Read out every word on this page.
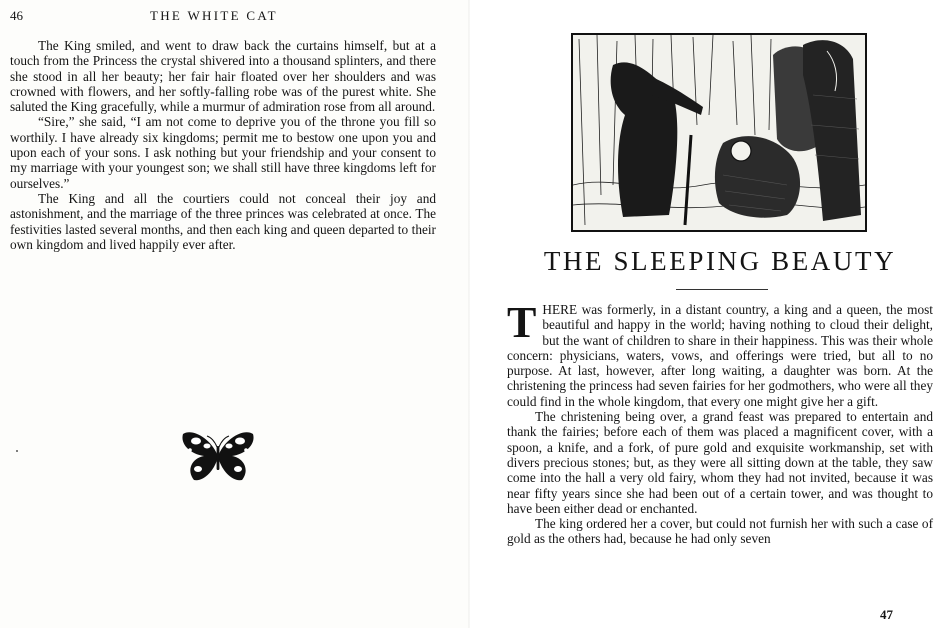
46	THE WHITE CAT

The King smiled, and went to draw back the curtains himself, but at a touch from the Princess the crystal shivered into a thousand splinters, and there she stood in all her beauty; her fair hair floated over her shoulders and was crowned with flowers, and her softly-falling robe was of the purest white. She saluted the King gracefully, while a murmur of admiration rose from all around.

“Sire,” she said, “I am not come to deprive you of the throne you fill so worthily. I have already six kingdoms; permit me to bestow one upon you and upon each of your sons. I ask nothing but your friendship and your consent to my marriage with your youngest son; we shall still have three kingdoms left for ourselves.”

The King and all the courtiers could not conceal their joy and astonishment, and the marriage of the three princes was celebrated at once. The festivities lasted several months, and then each king and queen departed to their own kingdom and lived happily ever after.

THE SLEEPING BEAUTY

THERE was formerly, in a distant country, a king and a queen, the most beautiful and happy in the world; having nothing to cloud their delight, but the want of children to share in their happiness. This was their whole concern: physicians, waters, vows, and offerings were tried, but all to no purpose. At last, however, after long waiting, a daughter was born. At the christening the princess had seven fairies for her godmothers, who were all they could find in the whole kingdom, that every one might give her a gift.

The christening being over, a grand feast was prepared to entertain and thank the fairies; before each of them was placed a magnificent cover, with a spoon, a knife, and a fork, of pure gold and exquisite workmanship, set with divers precious stones; but, as they were all sitting down at the table, they saw come into the hall a very old fairy, whom they had not invited, because it was near fifty years since she had been out of a certain tower, and was thought to have been either dead or enchanted.

The king ordered her a cover, but could not furnish her with such a case of gold as the others had, because he had only seven

47
